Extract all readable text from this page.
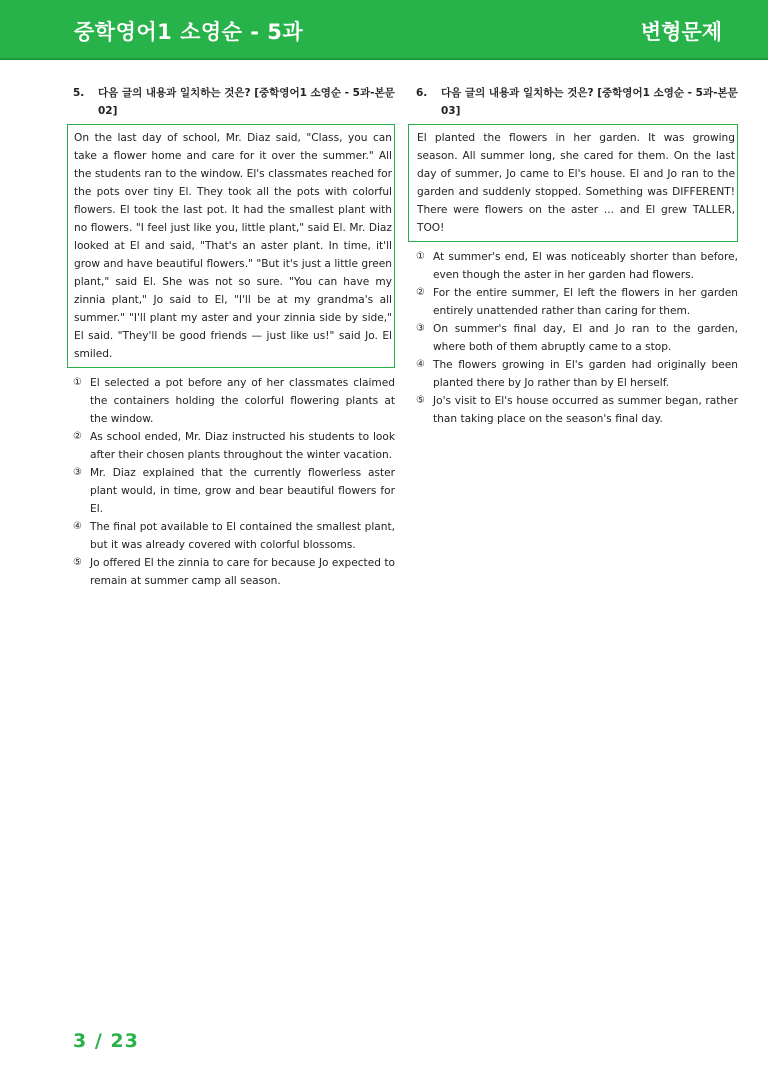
중학영어1 소영순 - 5과	변형문제
5.	다음 글의 내용과 일치하는 것은? [중학영어1 소영순 - 5과-본문 02]
On the last day of school, Mr. Diaz said, "Class, you can take a flower home and care for it over the summer." All the students ran to the window. El's classmates reached for the pots over tiny El. They took all the pots with colorful flowers. El took the last pot. It had the smallest plant with no flowers. "I feel just like you, little plant," said El. Mr. Diaz looked at El and said, "That's an aster plant. In time, it'll grow and have beautiful flowers." "But it's just a little green plant," said El. She was not so sure. "You can have my zinnia plant," Jo said to El, "I'll be at my grandma's all summer." "I'll plant my aster and your zinnia side by side," El said. "They'll be good friends — just like us!" said Jo. El smiled.
① El selected a pot before any of her classmates claimed the containers holding the colorful flowering plants at the window.
② As school ended, Mr. Diaz instructed his students to look after their chosen plants throughout the winter vacation.
③ Mr. Diaz explained that the currently flowerless aster plant would, in time, grow and bear beautiful flowers for El.
④ The final pot available to El contained the smallest plant, but it was already covered with colorful blossoms.
⑤ Jo offered El the zinnia to care for because Jo expected to remain at summer camp all season.
6.	다음 글의 내용과 일치하는 것은? [중학영어1 소영순 - 5과-본문 03]
El planted the flowers in her garden. It was growing season. All summer long, she cared for them. On the last day of summer, Jo came to El's house. El and Jo ran to the garden and suddenly stopped. Something was DIFFERENT! There were flowers on the aster ... and El grew TALLER, TOO!
① At summer's end, El was noticeably shorter than before, even though the aster in her garden had flowers.
② For the entire summer, El left the flowers in her garden entirely unattended rather than caring for them.
③ On summer's final day, El and Jo ran to the garden, where both of them abruptly came to a stop.
④ The flowers growing in El's garden had originally been planted there by Jo rather than by El herself.
⑤ Jo's visit to El's house occurred as summer began, rather than taking place on the season's final day.
3 / 23
